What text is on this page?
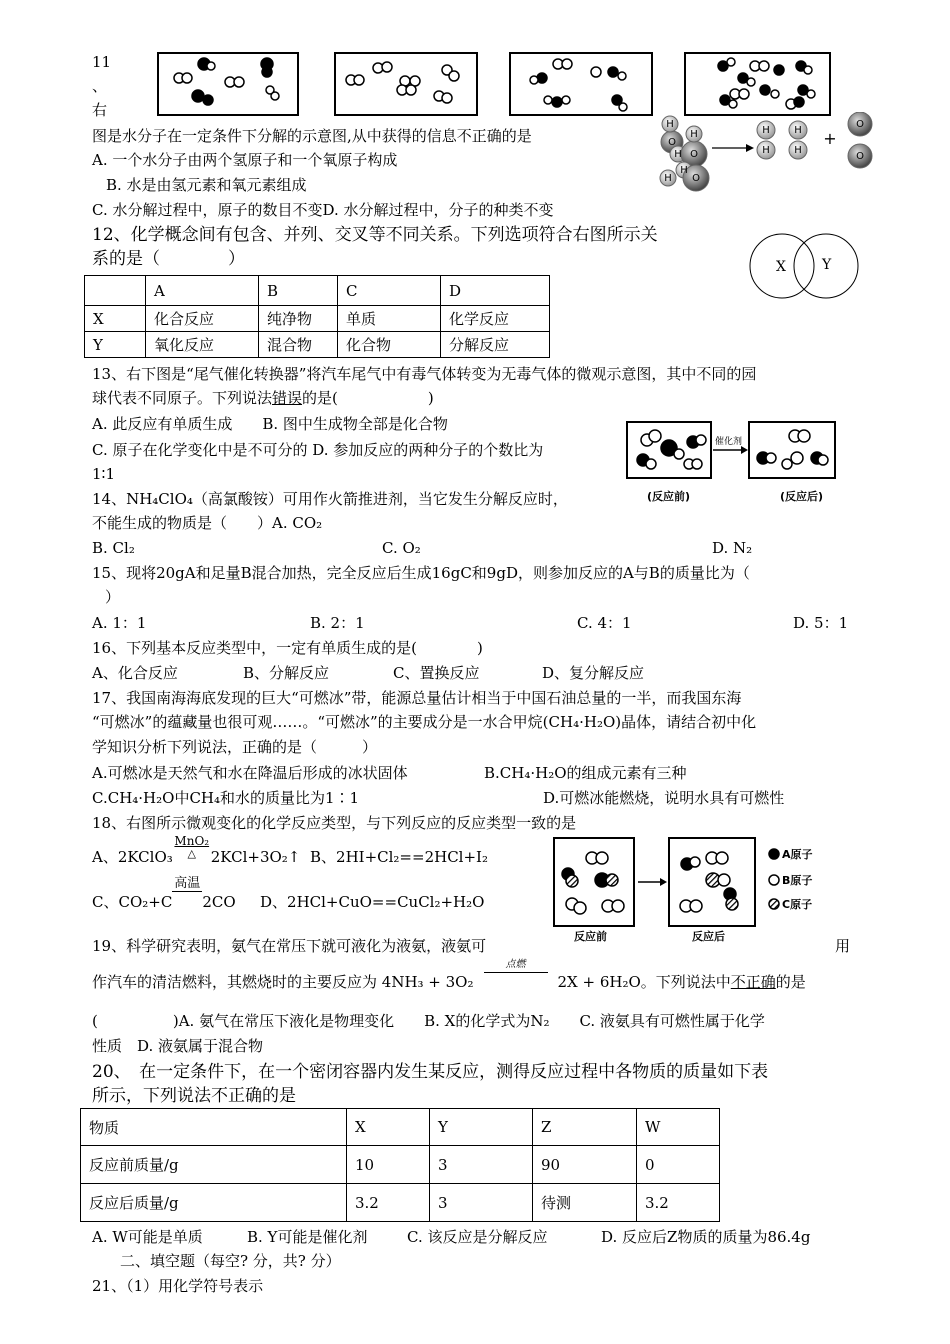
11
、
右
图是水分子在一定条件下分解的示意图,从中获得的信息不正确的是
A. 一个水分子由两个氢原子和一个氧原子构成
B. 水是由氢元素和氧元素组成
C. 水分解过程中，原子的数目不变D. 水分解过程中，分子的种类不变
H
O
H
H
O
H
H O
H
H
H
H
O
O
+
12、化学概念间有包含、并列、交叉等不同关系。下列选项符合右图所示关
系的是（　　　　）	X	Y
	A	B	C	D
X	化合反应	纯净物	单质	化学反应
Y	氧化反应	混合物	化合物	分解反应
13、右下图是“尾气催化转换器”将汽车尾气中有毒气体转变为无毒气体的微观示意图，其中不同的园
球代表不同原子。下列说法错误的是(　　　　　　)
A. 此反应有单质生成　　B. 图中生成物全部是化合物
C. 原子在化学变化中是不可分的 D. 参加反应的两种分子的个数比为
1∶1
催化剂
(反应前)	(反应后)
14、NH₄ClO₄（高氯酸铵）可用作火箭推进剂，当它发生分解反应时，
不能生成的物质是（　　）A. CO₂
B. Cl₂	C. O₂	D. N₂
15、现将20gA和足量B混合加热，完全反应后生成16gC和9gD，则参加反应的A与B的质量比为（
）
A. 1：1	B. 2：1	C. 4：1	D. 5：1
16、下列基本反应类型中，一定有单质生成的是(　　　　)
A、化合反应	B、分解反应	C、置换反应	D、复分解反应
17、我国南海海底发现的巨大“可燃冰”带，能源总量估计相当于中国石油总量的一半，而我国东海
“可燃冰”的蕴藏量也很可观……。“可燃冰”的主要成分是一水合甲烷(CH₄·H₂O)晶体，请结合初中化
学知识分析下列说法，正确的是（　　　）
A.可燃冰是天然气和水在降温后形成的冰状固体	B.CH₄·H₂O的组成元素有三种
C.CH₄·H₂O中CH₄和水的质量比为1∶1	D.可燃冰能燃烧，说明水具有可燃性
18、右图所示微观变化的化学反应类型，与下列反应的反应类型一致的是
A、2KClO₃
MnO₂
△ 2KCl+3O₂↑ B、2HI+Cl₂==2HCl+I₂
C、CO₂+C
高温
2CO D、2HCl+CuO==CuCl₂+H₂O
A原子
B原子
C原子
反应前	反应后
19、科学研究表明，氨气在常压下就可液化为液氨，液氨可	用
作汽车的清洁燃料，其燃烧时的主要反应为 4NH₃ + 3O₂
点燃
2X + 6H₂O。下列说法中不正确的是
(　　　　　)A. 氨气在常压下液化是物理变化　　B. X的化学式为N₂　　C. 液氨具有可燃性属于化学
性质　D. 液氨属于混合物
20、　在一定条件下，在一个密闭容器内发生某反应，测得反应过程中各物质的质量如下表
所示，下列说法不正确的是
物质	X	Y	Z	W
反应前质量/g	10	3	90	0
反应后质量/g	3.2	3	待测	3.2
A. W可能是单质	B. Y可能是催化剂	C. 该反应是分解反应	D. 反应后Z物质的质量为86.4g
二、填空题（每空? 分，共? 分）
21、（1）用化学符号表示
